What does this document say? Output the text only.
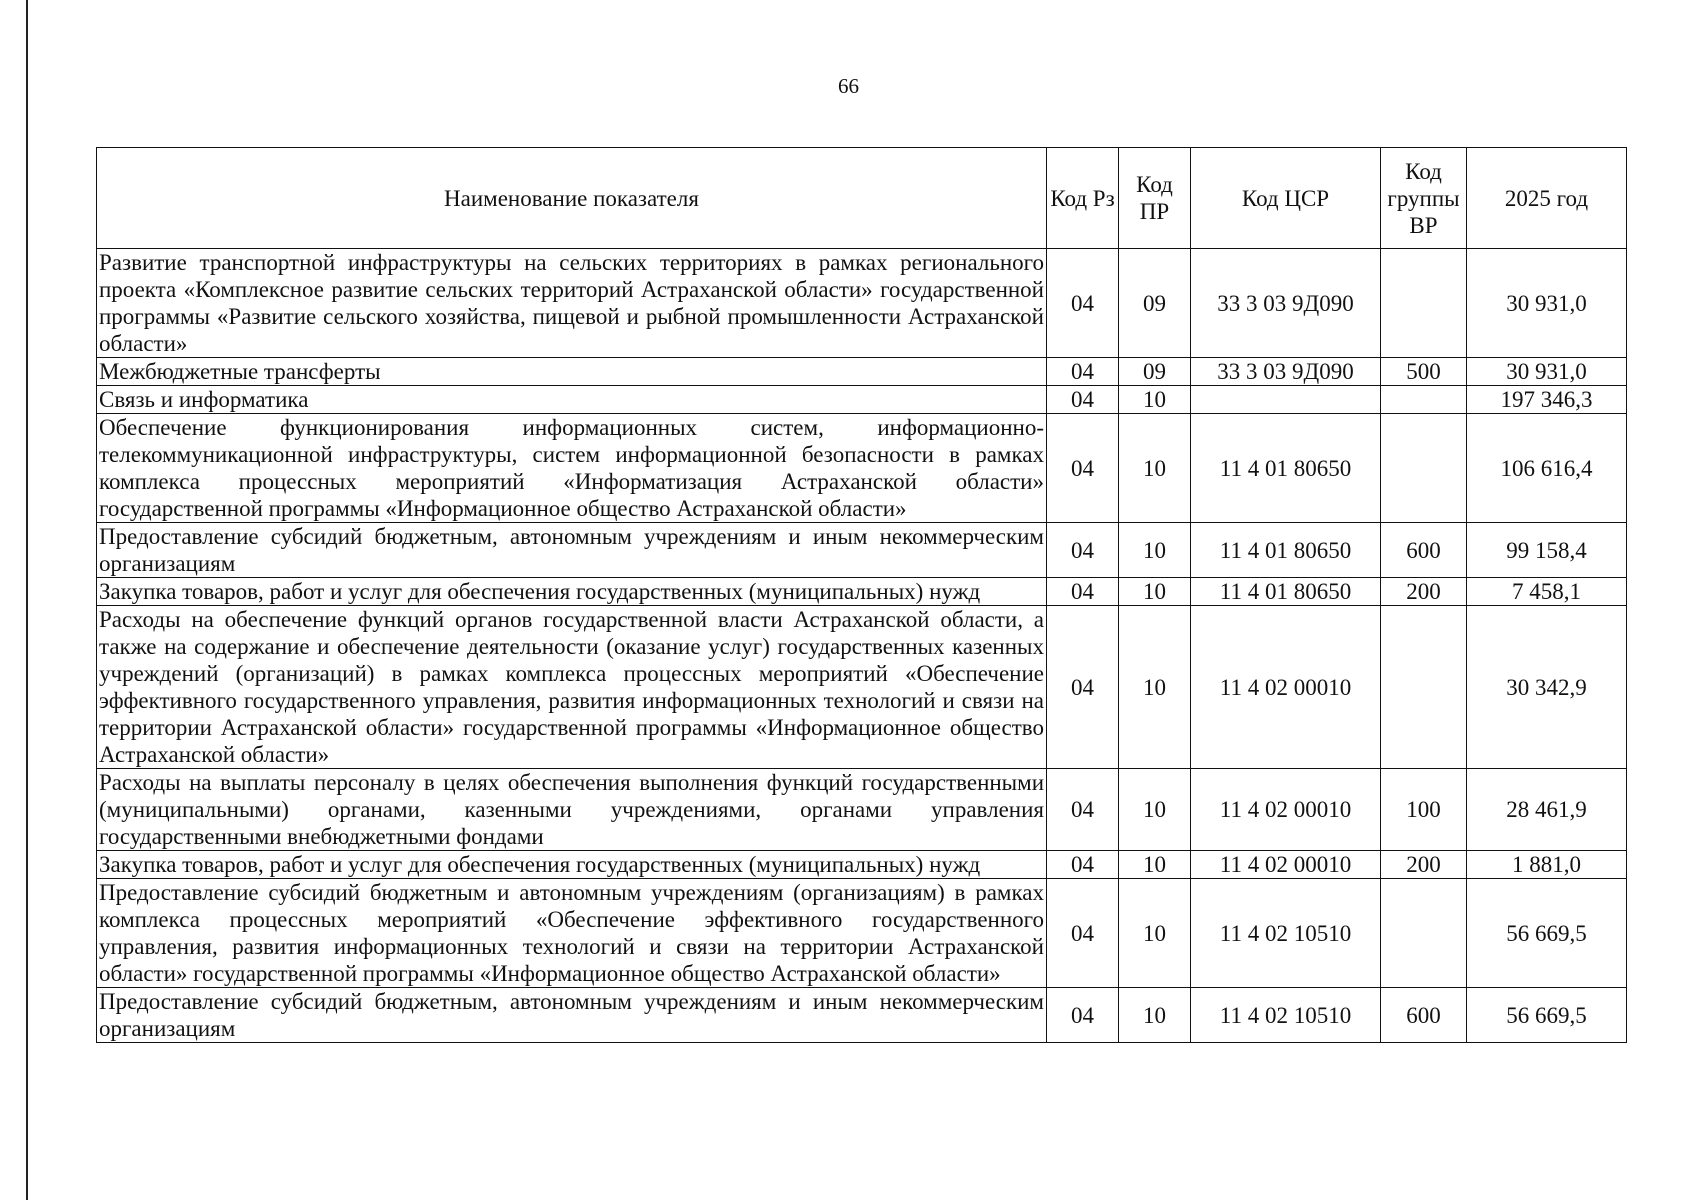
66
Наименование показателя	Код Рз	Код ПР	Код ЦСР	Код группы ВР	2025 год
Развитие транспортной инфраструктуры на сельских территориях в рамках регионального проекта «Комплексное развитие сельских территорий Астраханской области» государственной программы «Развитие сельского хозяйства, пищевой и рыбной промышленности Астраханской области»	04	09	33 3 03 9Д090		30 931,0
Межбюджетные трансферты	04	09	33 3 03 9Д090	500	30 931,0
Связь и информатика	04	10			197 346,3
Обеспечение функционирования информационных систем, информационно-телекоммуникационной инфраструктуры, систем информационной безопасности в рамках комплекса процессных мероприятий «Информатизация Астраханской области» государственной программы «Информационное общество Астраханской области»	04	10	11 4 01 80650		106 616,4
Предоставление субсидий бюджетным, автономным учреждениям и иным некоммерческим организациям	04	10	11 4 01 80650	600	99 158,4
Закупка товаров, работ и услуг для обеспечения государственных (муниципальных) нужд	04	10	11 4 01 80650	200	7 458,1
Расходы на обеспечение функций органов государственной власти Астраханской области, а также на содержание и обеспечение деятельности (оказание услуг) государственных казенных учреждений (организаций) в рамках комплекса процессных мероприятий «Обеспечение эффективного государственного управления, развития информационных технологий и связи на территории Астраханской области» государственной программы «Информационное общество Астраханской области»	04	10	11 4 02 00010		30 342,9
Расходы на выплаты персоналу в целях обеспечения выполнения функций государственными (муниципальными) органами, казенными учреждениями, органами управления государственными внебюджетными фондами	04	10	11 4 02 00010	100	28 461,9
Закупка товаров, работ и услуг для обеспечения государственных (муниципальных) нужд	04	10	11 4 02 00010	200	1 881,0
Предоставление субсидий бюджетным и автономным учреждениям (организациям) в рамках комплекса процессных мероприятий «Обеспечение эффективного государственного управления, развития информационных технологий и связи на территории Астраханской области» государственной программы «Информационное общество Астраханской области»	04	10	11 4 02 10510		56 669,5
Предоставление субсидий бюджетным, автономным учреждениям и иным некоммерческим организациям	04	10	11 4 02 10510	600	56 669,5
